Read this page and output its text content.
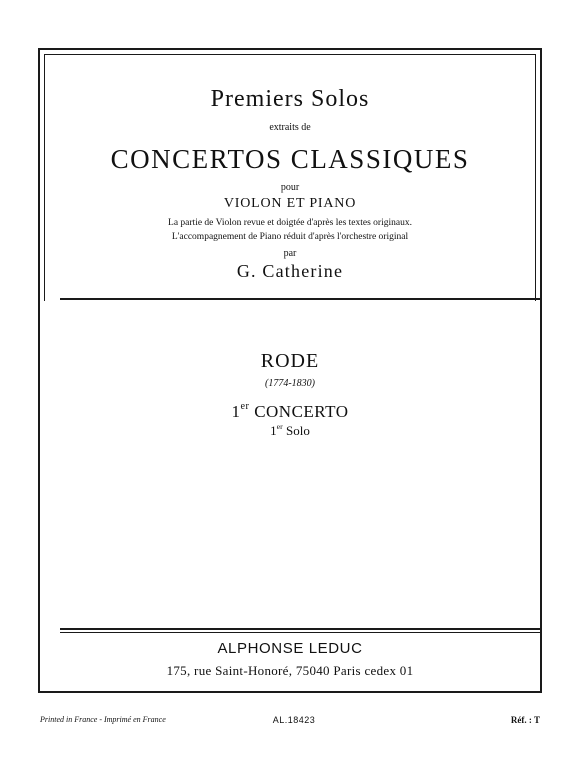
Premiers Solos
extraits de
CONCERTOS CLASSIQUES
pour
VIOLON ET PIANO
La partie de Violon revue et doigtée d'après les textes originaux.
L'accompagnement de Piano réduit d'après l'orchestre original
par
G. Catherine
RODE
(1774-1830)
1er CONCERTO
1er Solo
ALPHONSE LEDUC
175, rue Saint-Honoré, 75040 Paris cedex 01
Printed in France - Imprimé en France	AL.18423	Réf. : T
